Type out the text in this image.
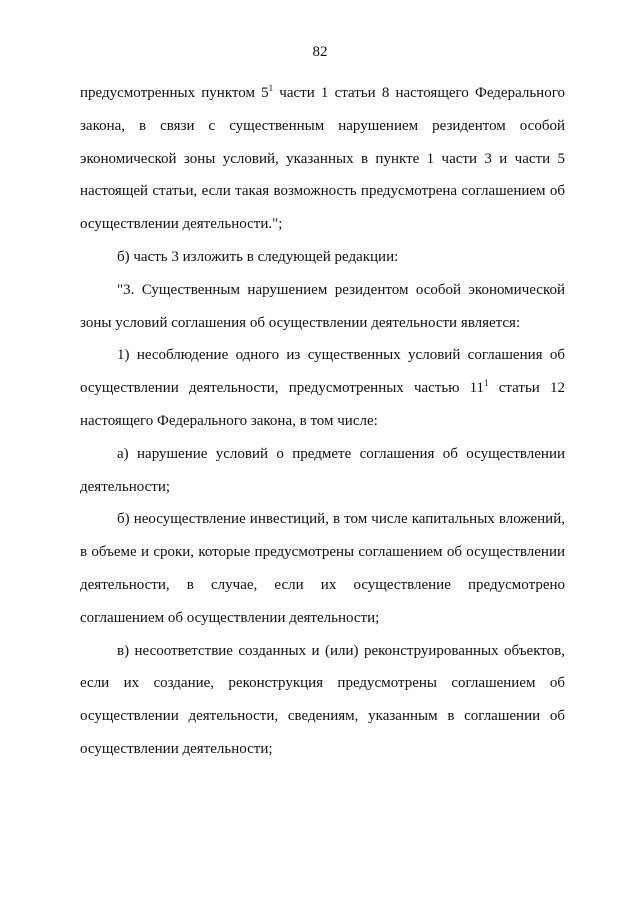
82

предусмотренных пунктом $5^1$ части 1 статьи 8 настоящего Федерального закона, в связи с существенным нарушением резидентом особой экономической зоны условий, указанных в пункте 1 части 3 и части 5 настоящей статьи, если такая возможность предусмотрена соглашением об осуществлении деятельности.";

б) часть 3 изложить в следующей редакции:

"3. Существенным нарушением резидентом особой экономической зоны условий соглашения об осуществлении деятельности является:

1) несоблюдение одного из существенных условий соглашения об осуществлении деятельности, предусмотренных частью $11^1$ статьи 12 настоящего Федерального закона, в том числе:

а) нарушение условий о предмете соглашения об осуществлении деятельности;

б) неосуществление инвестиций, в том числе капитальных вложений, в объеме и сроки, которые предусмотрены соглашением об осуществлении деятельности, в случае, если их осуществление предусмотрено соглашением об осуществлении деятельности;

в) несоответствие созданных и (или) реконструированных объектов, если их создание, реконструкция предусмотрены соглашением об осуществлении деятельности, сведениям, указанным в соглашении об осуществлении деятельности;
